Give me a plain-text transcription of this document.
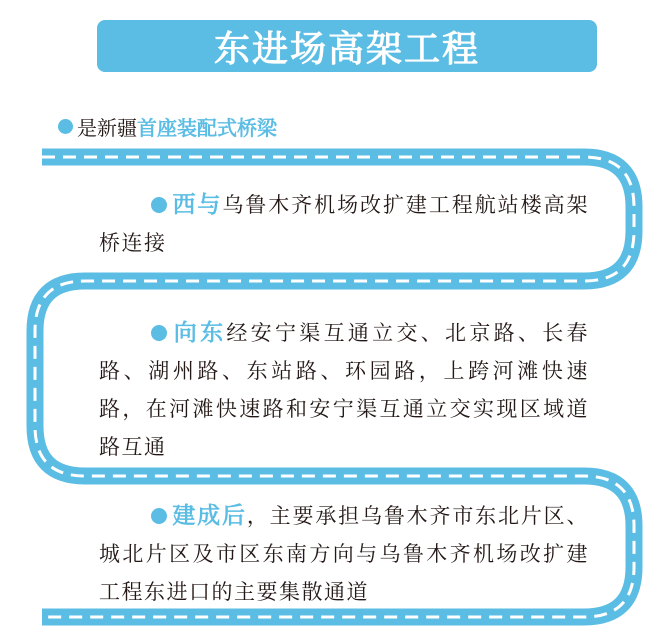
东进场高架工程
是新疆 首座装配式桥梁
西与乌鲁木齐机场改扩建工程航站楼高架桥连接
向东经安宁渠互通立交、北京路、长春路、湖州路、东站路、环园路，上跨河滩快速路，在河滩快速路和安宁渠互通立交实现区域道路互通
建成后，主要承担乌鲁木齐市东北片区、城北片区及市区东南方向与乌鲁木齐机场改扩建工程东进口的主要集散通道
